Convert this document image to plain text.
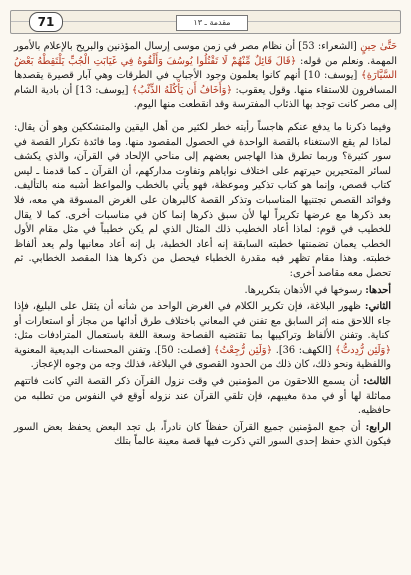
71	مقدمة ـ ١٣

حَتَّىٰ حِينٍ [الشعراء: 53] أن نظام مصر في زمن موسى إرسال المؤذنين والبريح بالإعلام بالأمور المهمة. ونعلم من قوله: ﴿قَالَ قَائِلٌ مِّنْهُمْ لَا تَقْتُلُوا يُوسُفَ وَأَلْقُوهُ فِي غَيَابَتِ الْجُبِّ يَلْتَقِطْهُ بَعْضُ السَّيَّارَةِ﴾ [يوسف: 10] أنهم كانوا يعلمون وجود الأجباب في الطرقات وهي آبار قصيرة يقصدها المسافرون للاستقاء منها. وقول يعقوب: ﴿وَأَخَافُ أَن يَأْكُلَهُ الذِّئْبُ﴾ [يوسف: 13] أن بادية الشام إلى مصر كانت توجد بها الذئاب المفترسة وقد انقطعت منها اليوم.

وفيما ذكرنا ما يدفع عنكم هاجساً رأيته خطر لكثير من أهل اليقين والمتشككين وهو أن يقال: لماذا لم يقع الاستغناء بالقصة الواحدة في الحصول المقصود منها. وما فائدة تكرار القصة في سور كثيرة؟ وربما تطرق هذا الهاجس بعضهم إلى مناحي الإلحاد في القرآن، والذي يكشف لسائر المتحيرين حيرتهم على اختلاف نواياهم وتفاوت مداركهم، أن القرآن ـ كما قدمنا ـ ليس كتاب قصص، وإنما هو كتاب تذكير وموعظة، فهو يأتي بالخطب والمواعظ أشبه منه بالتأليف. وفوائد القصص تجتنيها المناسبات وتذكر القصة كالبرهان على الغرض المسوقة هي معه، فلا بعد ذكرها مع عرضها تكريراً لها لأن سبق ذكرها إنما كان في مناسبات أخرى. كما لا يقال للخطيب في قوم: لماذا أعاد الخطيب ذلك المثال الذي لم يكن خطيباً في مثل مقام الأول الخطب يعمان تضمنتها خطبته السابقة إنه أعاد الخطبة، بل إنه أعاد معانيها ولم يعد ألفاظ خطبته. وهذا مقام تظهر فيه مقدرة الخطباء فيحصل من ذكرها هذا المقصد الخطابي. ثم تحصل معه مقاصد أخرى:

أحدها: رسوخها في الأذهان بتكريرها.

الثاني: ظهور البلاغة، فإن تكرير الكلام في الغرض الواحد من شأنه أن يثقل على البليغ، فإذا جاء اللاحق منه إثر السابق مع تفنن في المعاني باختلاف طرق أدائها من مجاز أو استعارات أو كناية. وتفنن الألفاظ وتراكيبها بما تقتضيه الفصاحة وسعة اللغة باستعمال المترادفات مثل: ﴿وَلَئِن رُّدِدتُّ﴾ [الكهف: 36]. ﴿وَلَئِن رُّجِعْتُ﴾ [فصلت: 50]. وتفنن المحسنات البديعية المعنوية واللفظية ونحو ذلك، كان ذلك من الحدود القصوى في البلاغة، فذلك وجه من وجوه الإعجاز.

الثالث: أن يسمع اللاحقون من المؤمنين في وقت نزول القرآن ذكر القصة التي كانت فاتتهم مماثلة لها أو في مدة مغيبهم، فإن تلقي القرآن عند نزوله أوقع في النفوس من تطلبه من حافظيه.

الرابع: أن جمع المؤمنين جميع القرآن حفظاً كان نادراً، بل تجد البعض يحفظ بعض السور فيكون الذي حفظ إحدى السور التي ذكرت فيها قصة معينة عالماً بتلك
